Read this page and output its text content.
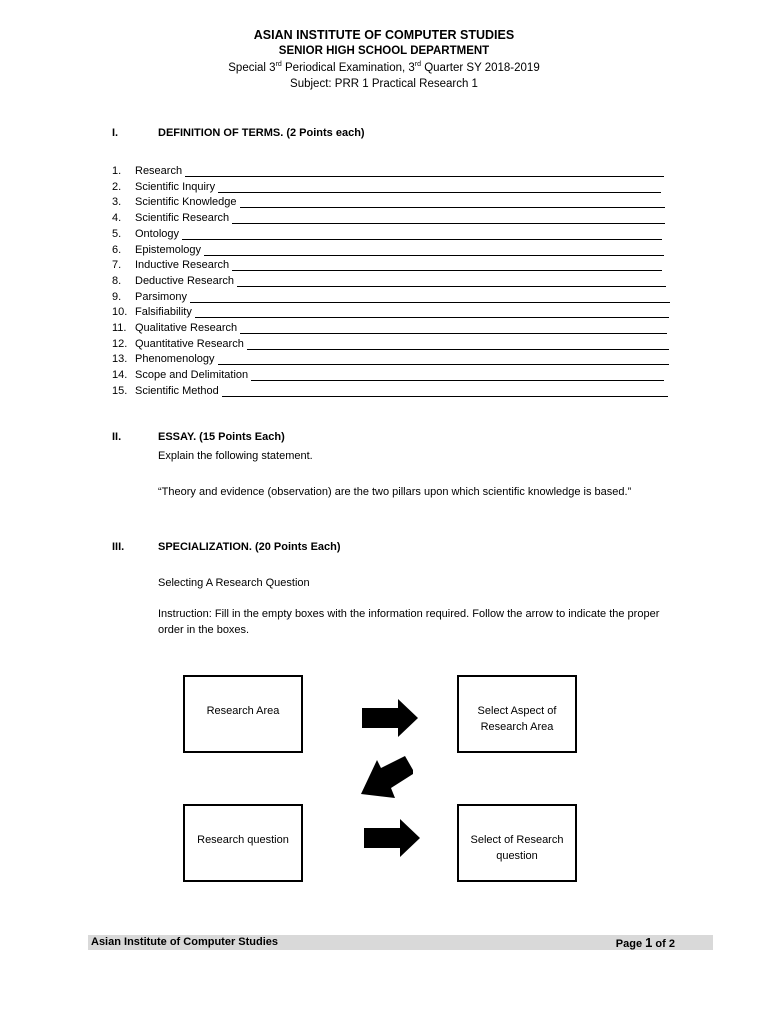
ASIAN INSTITUTE OF COMPUTER STUDIES
SENIOR HIGH SCHOOL DEPARTMENT
Special 3rd Periodical Examination, 3rd Quarter SY 2018-2019
Subject: PRR 1 Practical Research 1
I.	DEFINITION OF TERMS. (2 Points each)
1.	Research
2.	Scientific Inquiry
3.	Scientific Knowledge
4.	Scientific Research
5.	Ontology
6.	Epistemology
7.	Inductive Research
8.	Deductive Research
9.	Parsimony
10. Falsifiability
11. Qualitative Research
12. Quantitative Research
13. Phenomenology
14. Scope and Delimitation
15. Scientific Method
II.	ESSAY. (15 Points Each)
Explain the following statement.
“Theory and evidence (observation) are the two pillars upon which scientific knowledge is based.”
III.	SPECIALIZATION. (20 Points Each)
Selecting A Research Question
Instruction: Fill in the empty boxes with the information required. Follow the arrow to indicate the proper
order in the boxes.
Research Area	Select Aspect of Research Area
Research question	Select of Research question
Asian Institute of Computer Studies	Page 1 of 2
